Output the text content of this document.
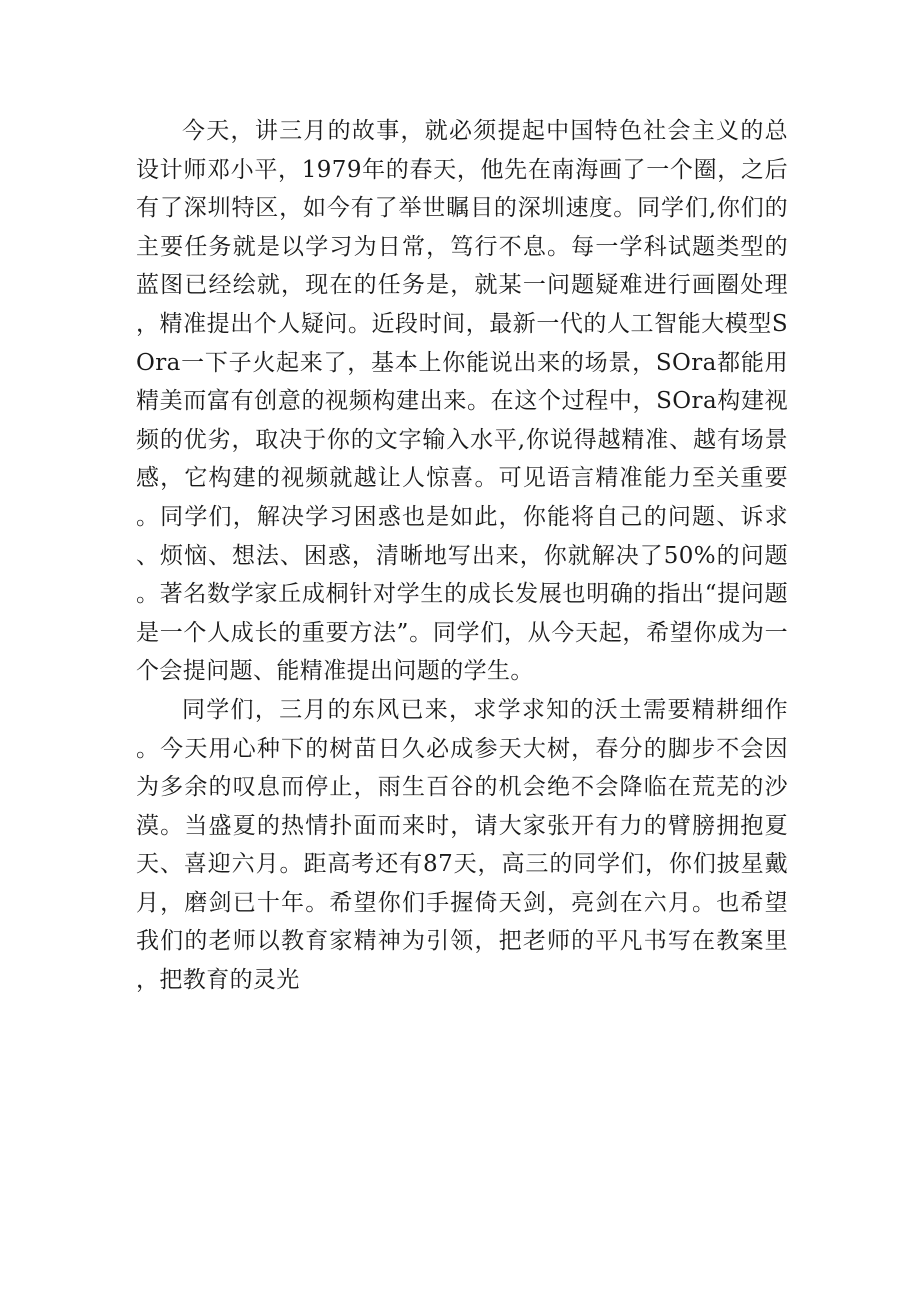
今天，讲三月的故事，就必须提起中国特色社会主义的总设计师邓小平，1979年的春天，他先在南海画了一个圈，之后有了深圳特区，如今有了举世瞩目的深圳速度。同学们,你们的主要任务就是以学习为日常，笃行不息。每一学科试题类型的蓝图已经绘就，现在的任务是，就某一问题疑难进行画圈处理，精准提出个人疑问。近段时间，最新一代的人工智能大模型SOra一下子火起来了，基本上你能说出来的场景，SOra都能用精美而富有创意的视频构建出来。在这个过程中，SOra构建视频的优劣，取决于你的文字输入水平,你说得越精准、越有场景感，它构建的视频就越让人惊喜。可见语言精准能力至关重要。同学们，解决学习困惑也是如此，你能将自己的问题、诉求、烦恼、想法、困惑，清晰地写出来，你就解决了50%的问题。著名数学家丘成桐针对学生的成长发展也明确的指出“提问题是一个人成长的重要方法”。同学们，从今天起，希望你成为一个会提问题、能精准提出问题的学生。

同学们，三月的东风已来，求学求知的沃土需要精耕细作。今天用心种下的树苗日久必成参天大树，春分的脚步不会因为多余的叹息而停止，雨生百谷的机会绝不会降临在荒芜的沙漠。当盛夏的热情扑面而来时，请大家张开有力的臂膀拥抱夏天、喜迎六月。距高考还有87天，高三的同学们，你们披星戴月，磨剑已十年。希望你们手握倚天剑，亮剑在六月。也希望我们的老师以教育家精神为引领，把老师的平凡书写在教案里，把教育的灵光
